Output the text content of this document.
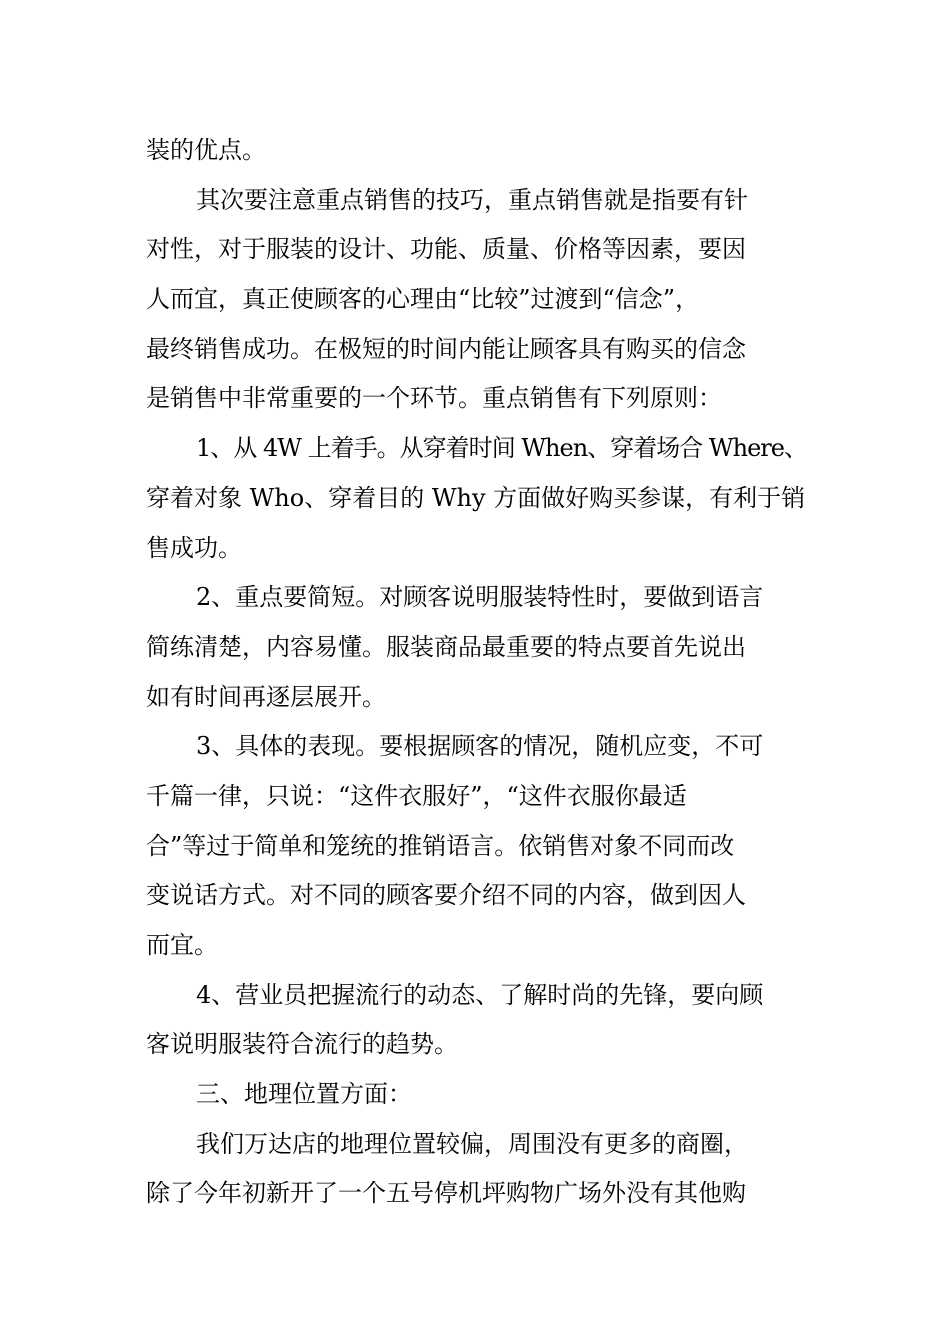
装的优点。
其次要注意重点销售的技巧，重点销售就是指要有针
对性，对于服装的设计、功能、质量、价格等因素，要因
人而宜，真正使顾客的心理由“比较”过渡到“信念”，
最终销售成功。在极短的时间内能让顾客具有购买的信念
是销售中非常重要的一个环节。重点销售有下列原则：
1、从 4W 上着手。从穿着时间 When、穿着场合 Where、
穿着对象 Who、穿着目的 Why 方面做好购买参谋，有利于销
售成功。
2、重点要简短。对顾客说明服装特性时，要做到语言
简练清楚，内容易懂。服装商品最重要的特点要首先说出
如有时间再逐层展开。
3、具体的表现。要根据顾客的情况，随机应变，不可
千篇一律，只说：“这件衣服好”，“这件衣服你最适
合”等过于简单和笼统的推销语言。依销售对象不同而改
变说话方式。对不同的顾客要介绍不同的内容，做到因人
而宜。
4、营业员把握流行的动态、了解时尚的先锋，要向顾
客说明服装符合流行的趋势。
三、地理位置方面：
我们万达店的地理位置较偏，周围没有更多的商圈，
除了今年初新开了一个五号停机坪购物广场外没有其他购
